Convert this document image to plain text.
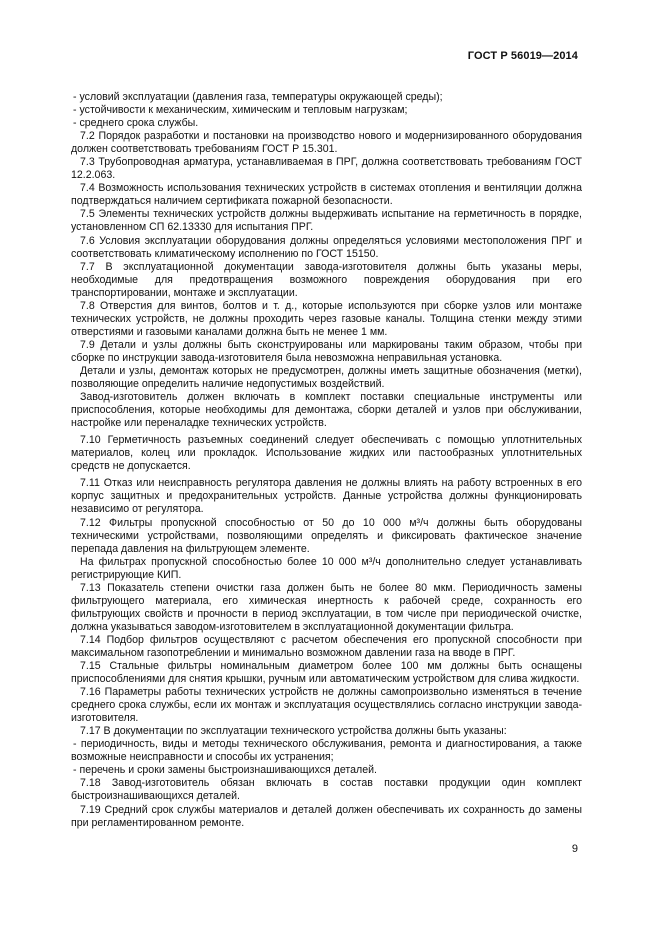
ГОСТ Р 56019—2014

- условий эксплуатации (давления газа, температуры окружающей среды);

- устойчивости к механическим, химическим и тепловым нагрузкам;

- среднего срока службы.

7.2 Порядок разработки и постановки на производство нового и модернизированного оборудования должен соответствовать требованиям ГОСТ Р 15.301.

7.3 Трубопроводная арматура, устанавливаемая в ПРГ, должна соответствовать требованиям ГОСТ 12.2.063.

7.4 Возможность использования технических устройств в системах отопления и вентиляции должна подтверждаться наличием сертификата пожарной безопасности.

7.5 Элементы технических устройств должны выдерживать испытание на герметичность в порядке, установленном СП 62.13330 для испытания ПРГ.

7.6 Условия эксплуатации оборудования должны определяться условиями местоположения ПРГ и соответствовать климатическому исполнению по ГОСТ 15150.

7.7 В эксплуатационной документации завода-изготовителя должны быть указаны меры, необходимые для предотвращения возможного повреждения оборудования при его транспортировании, монтаже и эксплуатации.

7.8 Отверстия для винтов, болтов и т. д., которые используются при сборке узлов или монтаже технических устройств, не должны проходить через газовые каналы. Толщина стенки между этими отверстиями и газовыми каналами должна быть не менее 1 мм.

7.9 Детали и узлы должны быть сконструированы или маркированы таким образом, чтобы при сборке по инструкции завода-изготовителя была невозможна неправильная установка.

Детали и узлы, демонтаж которых не предусмотрен, должны иметь защитные обозначения (метки), позволяющие определить наличие недопустимых воздействий.

Завод-изготовитель должен включать в комплект поставки специальные инструменты или приспособления, которые необходимы для демонтажа, сборки деталей и узлов при обслуживании, настройке или переналадке технических устройств.

7.10 Герметичность разъемных соединений следует обеспечивать с помощью уплотнительных материалов, колец или прокладок. Использование жидких или пастообразных уплотнительных средств не допускается.

7.11 Отказ или неисправность регулятора давления не должны влиять на работу встроенных в его корпус защитных и предохранительных устройств. Данные устройства должны функционировать независимо от регулятора.

7.12 Фильтры пропускной способностью от 50 до 10 000 м³/ч должны быть оборудованы техническими устройствами, позволяющими определять и фиксировать фактическое значение перепада давления на фильтрующем элементе.

На фильтрах пропускной способностью более 10 000 м³/ч дополнительно следует устанавливать регистрирующие КИП.

7.13 Показатель степени очистки газа должен быть не более 80 мкм. Периодичность замены фильтрующего материала, его химическая инертность к рабочей среде, сохранность его фильтрующих свойств и прочности в период эксплуатации, в том числе при периодической очистке, должна указываться заводом-изготовителем в эксплуатационной документации фильтра.

7.14 Подбор фильтров осуществляют с расчетом обеспечения его пропускной способности при максимальном газопотреблении и минимально возможном давлении газа на вводе в ПРГ.

7.15 Стальные фильтры номинальным диаметром более 100 мм должны быть оснащены приспособлениями для снятия крышки, ручным или автоматическим устройством для слива жидкости.

7.16 Параметры работы технических устройств не должны самопроизвольно изменяться в течение среднего срока службы, если их монтаж и эксплуатация осуществлялись согласно инструкции завода-изготовителя.

7.17 В документации по эксплуатации технического устройства должны быть указаны:

- периодичность, виды и методы технического обслуживания, ремонта и диагностирования, а также возможные неисправности и способы их устранения;

- перечень и сроки замены быстроизнашивающихся деталей.

7.18 Завод-изготовитель обязан включать в состав поставки продукции один комплект быстроизнашивающихся деталей.

7.19 Средний срок службы материалов и деталей должен обеспечивать их сохранность до замены при регламентированном ремонте.

9
